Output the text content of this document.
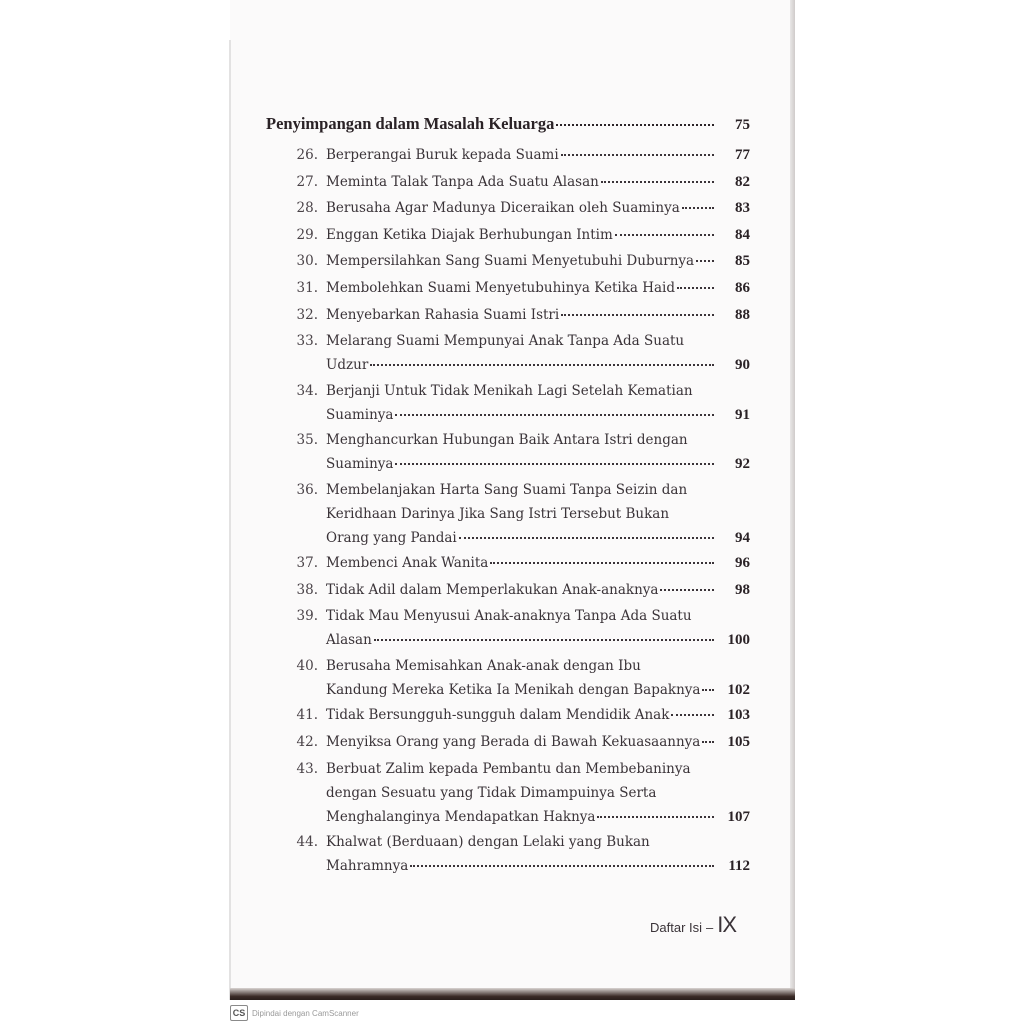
Penyimpangan dalam Masalah Keluarga	75
26. Berperangai Buruk kepada Suami	77
27. Meminta Talak Tanpa Ada Suatu Alasan	82
28. Berusaha Agar Madunya Diceraikan oleh Suaminya	83
29. Enggan Ketika Diajak Berhubungan Intim	84
30. Mempersilahkan Sang Suami Menyetubuhi Duburnya	85
31. Membolehkan Suami Menyetubuhinya Ketika Haid	86
32. Menyebarkan Rahasia Suami Istri	88
33. Melarang Suami Mempunyai Anak Tanpa Ada Suatu
Udzur	90
34. Berjanji Untuk Tidak Menikah Lagi Setelah Kematian
Suaminya	91
35. Menghancurkan Hubungan Baik Antara Istri dengan
Suaminya	92
36. Membelanjakan Harta Sang Suami Tanpa Seizin dan
Keridhaan Darinya Jika Sang Istri Tersebut Bukan
Orang yang Pandai	94
37. Membenci Anak Wanita	96
38. Tidak Adil dalam Memperlakukan Anak-anaknya	98
39. Tidak Mau Menyusui Anak-anaknya Tanpa Ada Suatu
Alasan	100
40. Berusaha Memisahkan Anak-anak dengan Ibu
Kandung Mereka Ketika Ia Menikah dengan Bapaknya	102
41. Tidak Bersungguh-sungguh dalam Mendidik Anak	103
42. Menyiksa Orang yang Berada di Bawah Kekuasaannya	105
43. Berbuat Zalim kepada Pembantu dan Membebaninya
dengan Sesuatu yang Tidak Dimampuinya Serta
Menghalanginya Mendapatkan Haknya	107
44. Khalwat (Berduaan) dengan Lelaki yang Bukan
Mahramnya	112
Daftar Isi – IX
CS Dipindai dengan CamScanner
